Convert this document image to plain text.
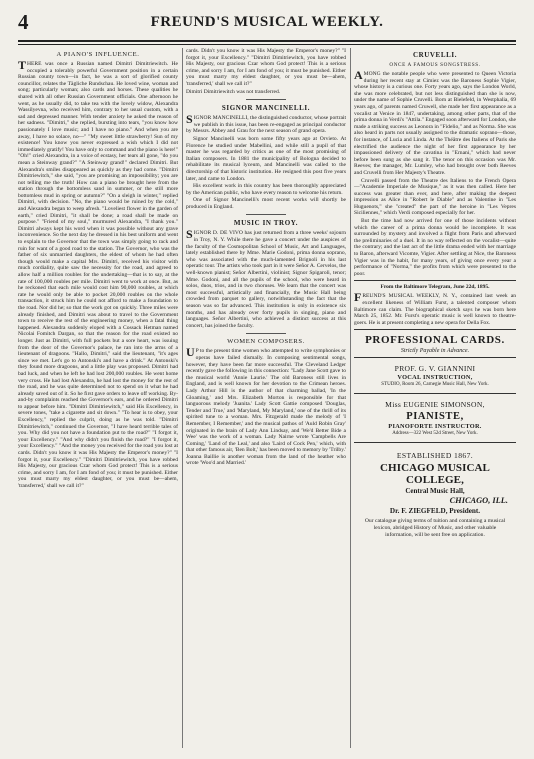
4	FREUND'S MUSICAL WEEKLY.
A PIANO'S INFLUENCE.

THERE was once a Russian named Dimitri Dimitriewitch. He occupied a tolerably powerful Government position in a certain Russian county town—in fact, he was a sort of glorified county councillor, relates the Tägliche Rundschau. He loved wine, woman and song; particularly woman; also cards and horses. These qualities he shared with all other Russian Government officials. One afternoon he went, as he usually did, to take tea with the lovely widow, Alexandra Wassilyevna, who received him, contrary to her usual custom, with a sad and depressed manner. With tender anxiety he asked the reason of her sadness. "Dimitri," she replied, bursting into tears, "you know how passionately I love music; and I have no piano." And when you are away, I have no solace, no—" "My sweet little strawberry! Sun of my existence! You know you never expressed a wish which I did not immediately gratify! You have only to command and the piano is here!" "Oh!" cried Alexandra, in a voice of ecstasy, her tears all gone, "do you mean a Steinway grand?" "A Steinway grand!" declared Dimitri. But Alexandra's smiles disappeared as quickly as they had come. "Dimitri Dimitriewitch," she said, "you are promising an impossibility; you are not telling me the truth! How can a piano be brought here from the station through the bottomless sand in summer, or the still more bottomless mud in spring or autumn?" "On a sleigh in winter," replied Dimitri, with decision. "No, the piano would be ruined by the cold," and Alexandra began to weep afresh. "Loveliest flower in the garden of earth," cried Dimitri, "it shall be done; a road shall be made on purpose." "Friend of my soul," murmured Alexandra, "I thank you." Dimitri always kept his word when it was possible without any grave inconvenience. So the next day he dressed in his best uniform and went to explain to the Governor that the town was simply going to rack and ruin for want of a good road to the station. The Governor, who was the father of six unmarried daughters, the eldest of whom he had often though would make a capital Mrs. Dimitri, received his visitor with much cordiality, quite saw the necessity for the road, and agreed to allow half a million roubles for the undertaking—that is to say, at the rate of 100,000 roubles per mile. Dimitri went to work at once. But, as he reckoned that each mile would cost him 90,000 roubles, at which rate he would only be able to pocket 20,000 roubles on the whole transaction, it struck him he could not afford to make a foundation to the road. Nor did he; so that the work got on quickly. Three miles were already finished, and Dimitri was about to travel to the Government town to receive the rest of the engineering money, when a fatal thing happened. Alexandra suddenly eloped with a Cossack Hetman named Nicolai Fomitch Dargan, so that the reason for the road existed no longer. Just as Dimitri, with full pockets but a sore heart, was issuing from the door of the Governor's palace, he ran into the arms of a lieutenant of dragoons. "Hallo, Dimitri," said the lieutenant, "it's ages since we met. Let's go to Antonski's and have a drink." At Antonski's they found more dragoons, and a little play was proposed. Dimitri had bad luck, and when he left he had lost 200,000 roubles. He went home very cross. He had lost Alexandra, he had lost the money for the rest of the road, and he was quite determined not to spend on it what he had already saved out of it. So he first gave orders to leave off working. By-and-by complaints reached the Governor's ears, and he ordered Dimitri to appear before him. "Dimitri Dimitriewitch," said His Excellency, in severe tones, "take a cigarette and sit down." "To hear is to obey, your Excellency," replied the culprit, doing as he was told. "Dimitri Dimitriewitch," continued the Governor, "I have heard terrible tales of you. Why did you not have a foundation put to the road?" "I forgot it, your Excellency." "And why didn't you finish the road?" "I forgot it, your Excellency." "And the money you received for the road you lost at cards. Didn't you know it was His Majesty the Emperor's money?" "I forgot it, your Excellency." "Dimitri Dimitriewitch, you have robbed His Majesty, our gracious Czar whom God protect! This is a serious crime, and sorry I am, for I am fond of you; it must be punished. Either you must marry my eldest daughter, or you must be—ahem, 'transferred,' shall we call it?"

cards. Didn't you know it was His Majesty the Emperor's money?" "I forgot it, your Excellency." "Dimitri Dimitriewitch, you have robbed His Majesty, our gracious Czar whom God protect! This is a serious crime, and sorry I am, for I am fond of you; it must be punished. Either you must marry my eldest daughter, or you must be—ahem, 'transferred,' shall we call it?"

Dimitri Dimitriewitch was not transferred.

SIGNOR MANCINELLI.

SIGNOR MANCINELLI, the distinguished conductor, whose portrait we publish in this issue, has been re-engaged as principal conductor by Messrs. Abbey and Grau for the next season of grand opera.

Signor Mancinelli was born some fifty years ago at Orvieto. At Florence he studied under Mabellini, and while still a pupil of that master he was regarded by critics as one of the most promising of Italian composers. In 1881 the municipality of Bologna decided to rehabilitate its musical lyceum, and Mancinelli was called to the directorship of that historic institution. He resigned this post five years later, and came to London.

His excellent work in this country has been thoroughly appreciated by the American public, who have every reason to welcome his return.

One of Signor Mancinelli's most recent works will shortly be produced in England.

MUSIC IN TROY.

SIGNOR D. DE VIVO has just returned from a three weeks' sojourn in Troy, N. Y. While there he gave a concert under the auspices of the faculty of the Cosmopolitan School of Music, Art and Languages, lately established there by Mme. Marie Godoni, prima donna soprano, who was associated with the much-lamented Brignoli in his last operatic tour. The artists who took part in it were Señor A. Cervelos, the well-known pianist; Señor Albertini, violinist; Signor Spigaroli, tenor; Mme. Godoni, and all the pupils of the school, who were heard in solos, duos, trios, and in two choruses. We learn that the concert was most successful, artistically and financially, the Music Hall being crowded from parquet to gallery, notwithstanding the fact that the season was so far advanced. This institution is only in existence six months, and has already over forty pupils in singing, piano and languages. Señor Albertini, who achieved a distinct success at this concert, has joined the faculty.

WOMEN COMPOSERS.

UP to the present time women who attempted to write symphonies or operas have failed dismally. In composing sentimental songs, however, they have been far more successful. The Cleveland Ledger recently gave the following in this connection: "Lady Jane Scott gave to the musical world 'Annie Laurie.' The old Baroness still lives in England, and is well known for her devotion to the Crimean heroes. Lady Arthur Hill is the author of that charming ballad, 'In the Gloaming,' and Mrs. Elizabeth Morton is responsible for that languorous melody 'Juanita.' Lady Scott Gattie composed 'Douglas, Tender and True,' and 'Maryland, My Maryland,' one of the thrill of its spirited tune to a woman. Mrs. Fitzgerald made the melody of 'I Remember, I Remember,' and the musical pathos of 'Auld Robin Gray' originated in the brain of Lady Ann Lindsay, and 'We'd Better Bide a Wee' was the work of a woman. Lady Nairne wrote 'Campbells Are Coming,' 'Land of the Leal,' and also 'Laird of Cock Pen,' which, with that other famous air, 'Ben Bolt,' has been moved to memory by 'Trilby.' Joanna Baillie is another woman from the land of the heather who wrote 'Woo'd and Married.'

CRUVELLI.
ONCE A FAMOUS SONGSTRESS.

AMONG the notable people who were presented to Queen Victoria during her recent stay at Cimiez was the Baroness Sophie Vigier, whose history is a curious one. Forty years ago, says the London World, she was more celebrated, but not less distinguished than she is now, under the name of Sophie Cruvelli. Born at Bielefeld, in Westphalia, 69 years ago, of parents named Cruwell, she made her first appearance as a vocalist at Venice in 1847, undertaking, among other parts, that of the prima donna in Verdi's "Attila." Engaged soon afterward for London, she made a striking success as Leonora in "Fidelio," and as Norma. She was also heard in parts not usually assigned to the dramatic soprano—those, for instance, of Lucia and Linda. At the Théâtre des Italiens of Paris she electrified the audience the night of her first appearance by her impassioned delivery of the cavatina in "Ernani," which had never before been sung as she sang it. The tenor on this occasion was Mr. Reeves; the manager, Mr. Lumley, who had brought over both Reeves and Cruvelli from Her Majesty's Theatre.

Cruvelli passed from the Theatre des Italiens to the French Opera—"Academie Imperiale de Musique," as it was then called. Here her success was greater than ever, and here, after making the deepest impression as Alice in "Robert le Diable" and as Valentine in "Les Huguenots," she "created" the part of the heroine in "Les Vepres Siciliennes," which Verdi composed especially for her.

But the time had now arrived for one of those incidents without which the career of a prima donna would be incomplete. It was surrounded by mystery and involved a flight from Paris and afterward the preliminaries of a duel. It in no way reflected on the vocalist—quite the contrary; and the last act of the little drama ended with her marriage to Baron, afterward Vicomte, Vigier. After settling at Nice, the Baroness Vigier was in the habit, for many years, of giving once every year a performance of "Norma," the profits from which were presented to the poor.

From the Baltimore Telegram, June 22d, 1895.

FREUND'S MUSICAL WEEKLY, N. Y., contained last week an excellent likeness of William Furst, a talented composer whom Baltimore can claim. The biographical sketch says he was born here March 25, 1852. Mr. Furst's operatic music is well known to theatre-goers. He is at present completing a new opera for Della Fox.

PROFESSIONAL CARDS.
Strictly Payable in Advance.
PROF. G. V. GIANNINI
VOCAL INSTRUCTION,
STUDIO, Room 26, Carnegie Music Hall, New York.
Miss EUGENIE SIMONSON,
PIANISTE,
PIANOFORTE INSTRUCTOR.
Address—322 West 52d Street, New York.
ESTABLISHED 1867.
CHICAGO MUSICAL COLLEGE,
Central Music Hall,
CHICAGO, ILL.
Dr. F. ZIEGFELD, President.
Our catalogue giving terms of tuition and containing a musical lexicon, abridged History of Music, and other valuable information, will be sent free on application.
